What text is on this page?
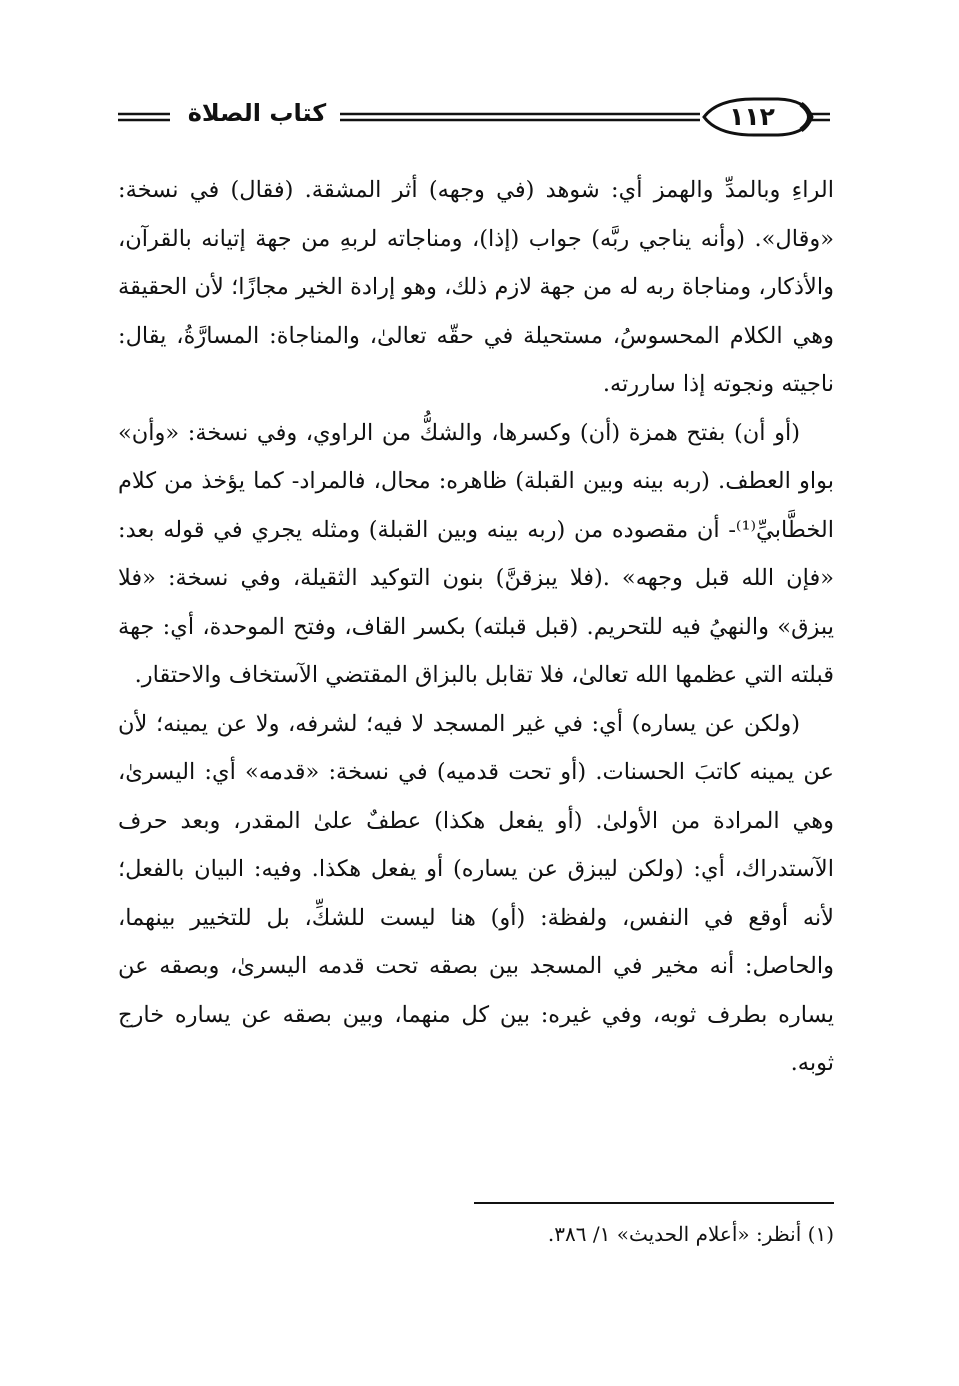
كتاب الصلاة	١١٢

الراءِ وبالمدِّ والهمز أي: شوهد (في وجهه) أثر المشقة. (فقال) في نسخة: «وقال». (وأنه يناجي ربَّه) جواب (إذا)، ومناجاته لربهِ من جهة إتيانه بالقرآن، والأذكار، ومناجاة ربه له من جهة لازم ذلك، وهو إرادة الخير مجازًا؛ لأن الحقيقة وهي الكلام المحسوسُ، مستحيلة في حقّه تعالىٰ، والمناجاة: المسارَّةُ، يقال: ناجيته ونجوته إذا ساررته.

(أو أن) بفتح همزة (أن) وكسرها، والشكُّ من الراوي، وفي نسخة: «وأن» بواو العطف. (ربه بينه وبين القبلة) ظاهره: محال، فالمراد- كما يؤخذ من كلام الخطَّابيِّ⁽¹⁾- أن مقصوده من (ربه بينه وبين القبلة) ومثله يجري في قوله بعد: «فإن الله قبل وجهه» .(فلا يبزقنَّ) بنون التوكيد الثقيلة، وفي نسخة: «فلا يبزق» والنهيُ فيه للتحريم. (قبل قبلته) بكسر القاف، وفتح الموحدة، أي: جهة قبلته التي عظمها الله تعالىٰ، فلا تقابل بالبزاق المقتضي الآستخاف والاحتقار.

(ولكن عن يساره) أي: في غير المسجد لا فيه؛ لشرفه، ولا عن يمينه؛ لأن عن يمينه كاتبَ الحسنات. (أو تحت قدميه) في نسخة: «قدمه» أي: اليسرىٰ، وهي المرادة من الأولىٰ. (أو يفعل هكذا) عطفٌ علىٰ المقدر، وبعد حرف الآستدراك، أي: (ولكن ليبزق عن يساره) أو يفعل هكذا. وفيه: البيان بالفعل؛ لأنه أوقع في النفس، ولفظة: (أو) هنا ليست للشكِّ، بل للتخيير بينهما، والحاصل: أنه مخير في المسجد بين بصقه تحت قدمه اليسرىٰ، وبصقه عن يساره بطرف ثوبه، وفي غيره: بين كل منهما، وبين بصقه عن يساره خارج ثوبه.

(١) أنظر: «أعلام الحديث» ١/ ٣٨٦.
